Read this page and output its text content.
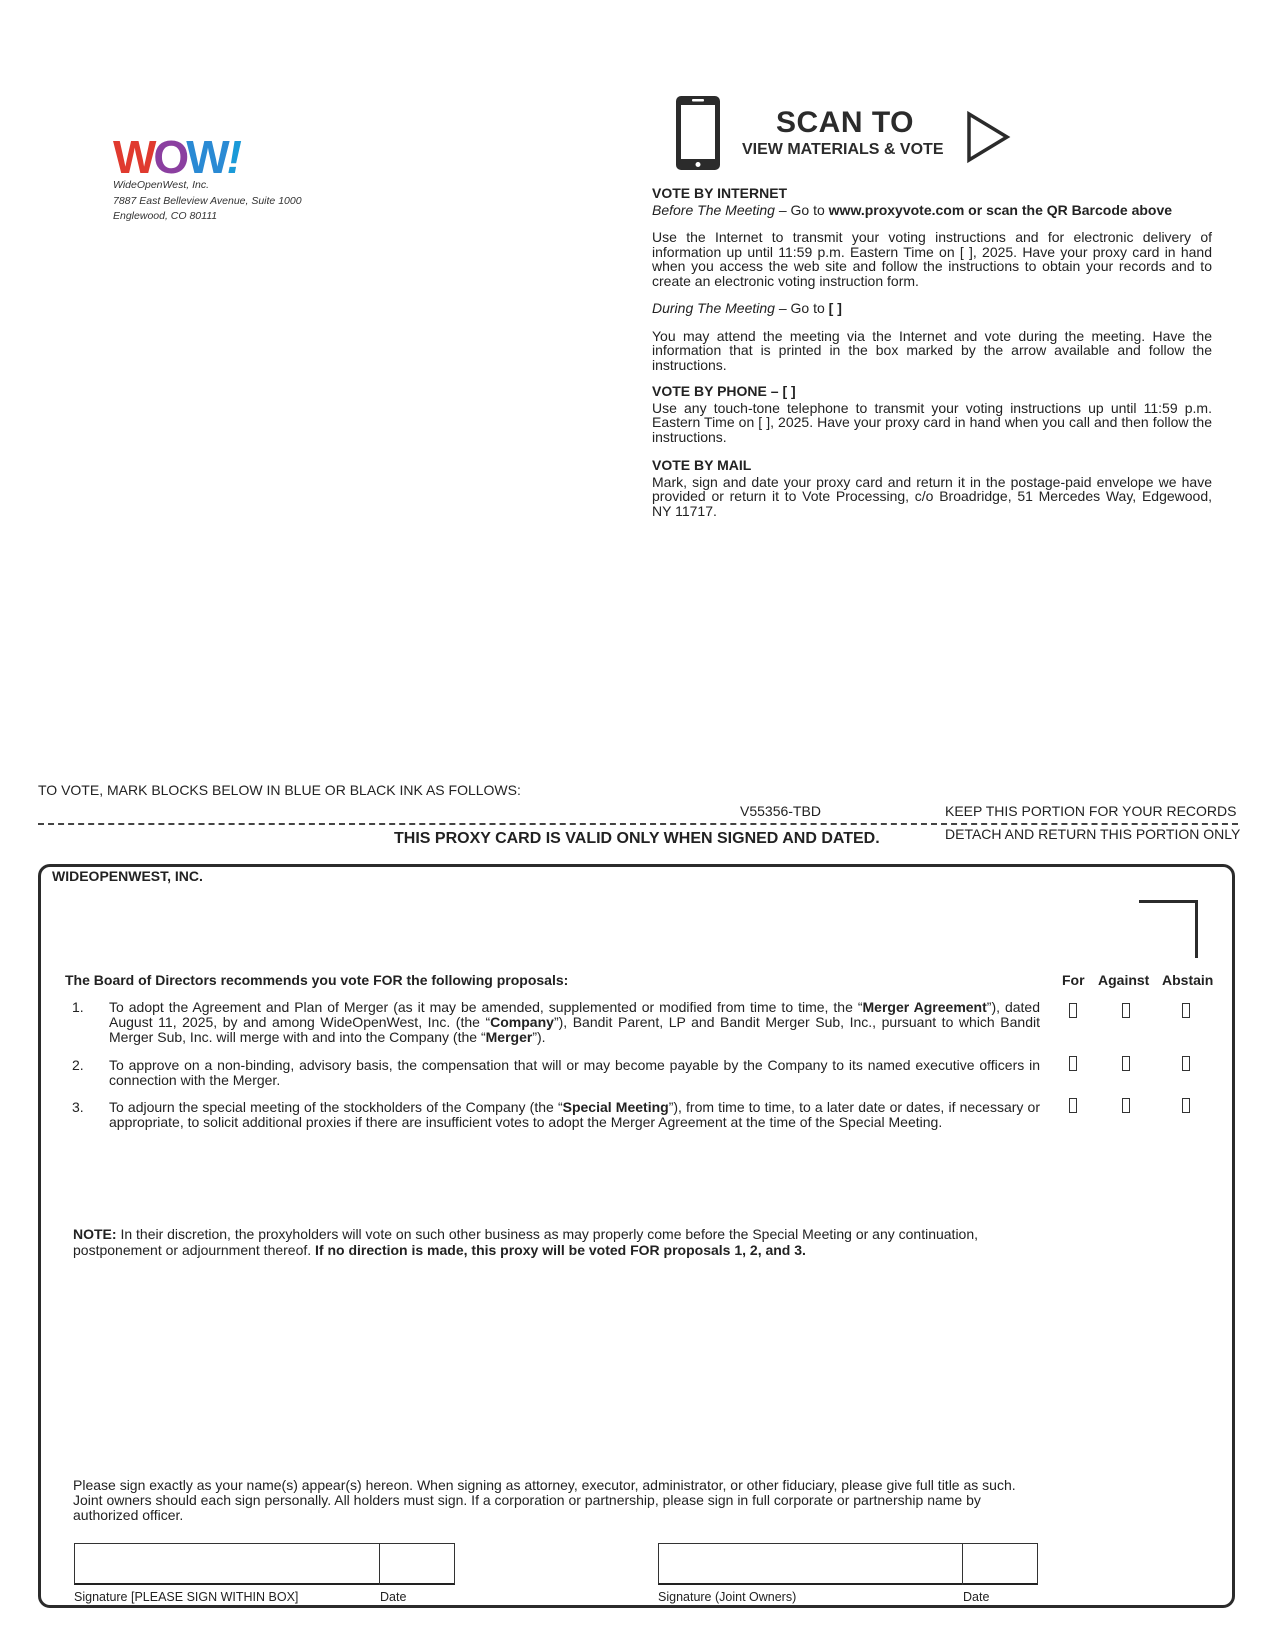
WOW!
WideOpenWest, Inc.
7887 East Belleview Avenue, Suite 1000
Englewood, CO 80111
SCAN TO
VIEW MATERIALS & VOTE
VOTE BY INTERNET
Before The Meeting – Go to www.proxyvote.com or scan the QR Barcode above

Use the Internet to transmit your voting instructions and for electronic delivery of information up until 11:59 p.m. Eastern Time on [ ], 2025. Have your proxy card in hand when you access the web site and follow the instructions to obtain your records and to create an electronic voting instruction form.

During The Meeting – Go to [ ]

You may attend the meeting via the Internet and vote during the meeting. Have the information that is printed in the box marked by the arrow available and follow the instructions.

VOTE BY PHONE – [ ]

Use any touch-tone telephone to transmit your voting instructions up until 11:59 p.m. Eastern Time on [ ], 2025. Have your proxy card in hand when you call and then follow the instructions.

VOTE BY MAIL

Mark, sign and date your proxy card and return it in the postage-paid envelope we have provided or return it to Vote Processing, c/o Broadridge, 51 Mercedes Way, Edgewood, NY 11717.

TO VOTE, MARK BLOCKS BELOW IN BLUE OR BLACK INK AS FOLLOWS:
V55356-TBD	KEEP THIS PORTION FOR YOUR RECORDS
THIS PROXY CARD IS VALID ONLY WHEN SIGNED AND DATED.	DETACH AND RETURN THIS PORTION ONLY
WIDEOPENWEST, INC.
The Board of Directors recommends you vote FOR the following proposals:	For Against Abstain
1. To adopt the Agreement and Plan of Merger (as it may be amended, supplemented or modified from time to time, the “Merger Agreement”), dated August 11, 2025, by and among WideOpenWest, Inc. (the “Company”), Bandit Parent, LP and Bandit Merger Sub, Inc., pursuant to which Bandit Merger Sub, Inc. will merge with and into the Company (the “Merger”).
2. To approve on a non-binding, advisory basis, the compensation that will or may become payable by the Company to its named executive officers in connection with the Merger.
3. To adjourn the special meeting of the stockholders of the Company (the “Special Meeting”), from time to time, to a later date or dates, if necessary or appropriate, to solicit additional proxies if there are insufficient votes to adopt the Merger Agreement at the time of the Special Meeting.
NOTE: In their discretion, the proxyholders will vote on such other business as may properly come before the Special Meeting or any continuation, postponement or adjournment thereof. If no direction is made, this proxy will be voted FOR proposals 1, 2, and 3.
Please sign exactly as your name(s) appear(s) hereon. When signing as attorney, executor, administrator, or other fiduciary, please give full title as such. Joint owners should each sign personally. All holders must sign. If a corporation or partnership, please sign in full corporate or partnership name by authorized officer.
Signature [PLEASE SIGN WITHIN BOX]	Date	Signature (Joint Owners)	Date
